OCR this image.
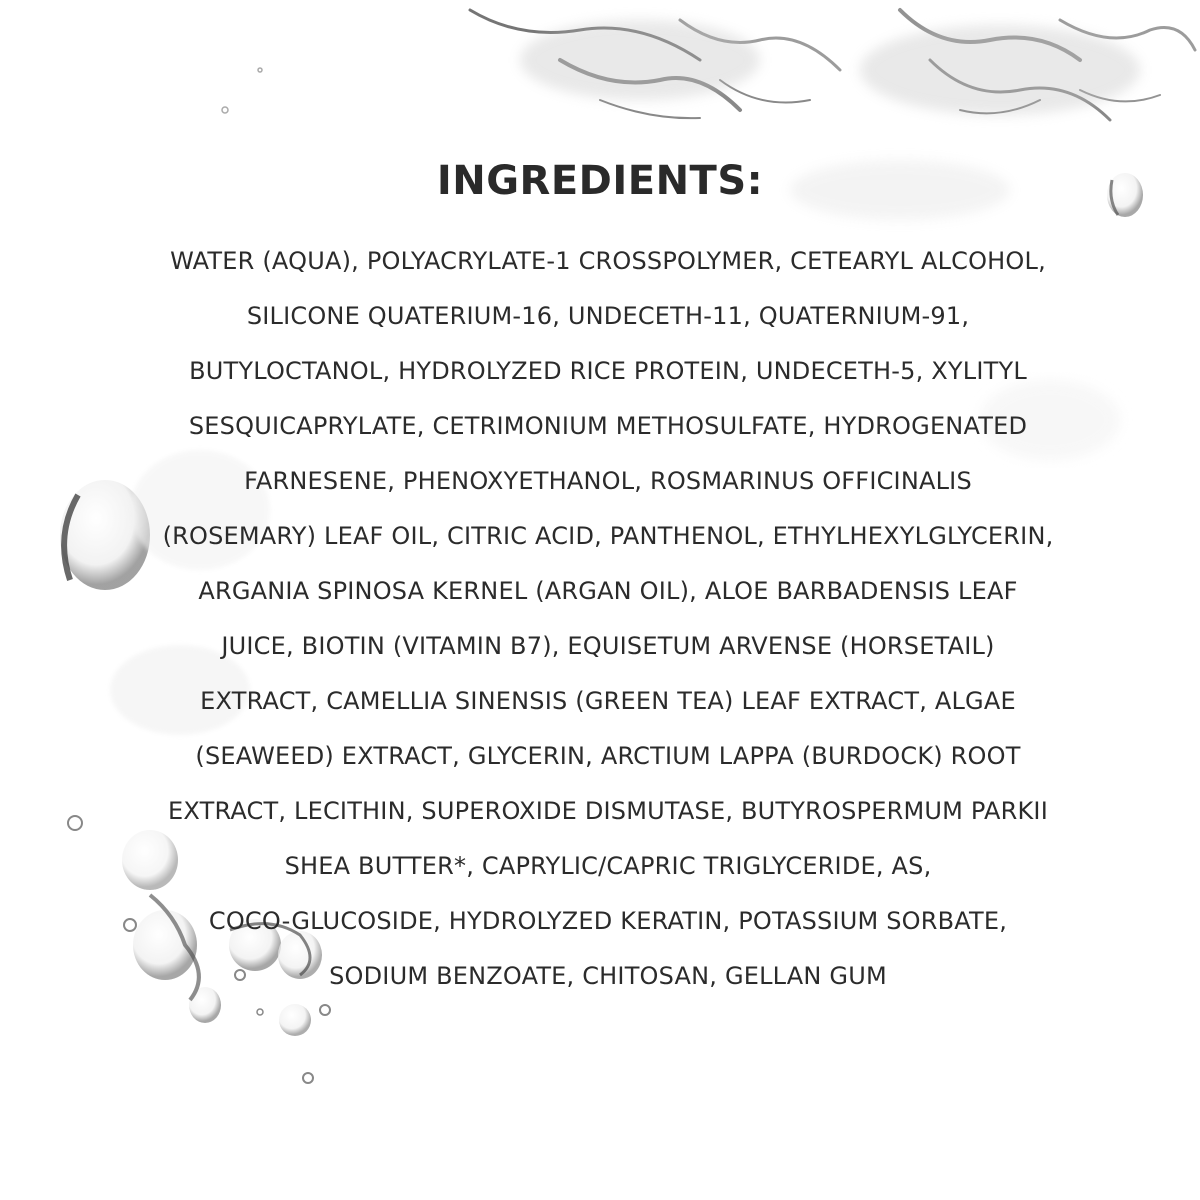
INGREDIENTS:
WATER (AQUA), POLYACRYLATE-1 CROSSPOLYMER, CETEARYL ALCOHOL,
SILICONE QUATERIUM-16, UNDECETH-11, QUATERNIUM-91,
BUTYLOCTANOL, HYDROLYZED RICE PROTEIN, UNDECETH-5, XYLITYL
SESQUICAPRYLATE, CETRIMONIUM METHOSULFATE, HYDROGENATED
FARNESENE, PHENOXYETHANOL, ROSMARINUS OFFICINALIS
(ROSEMARY) LEAF OIL, CITRIC ACID, PANTHENOL, ETHYLHEXYLGLYCERIN,
ARGANIA SPINOSA KERNEL (ARGAN OIL), ALOE BARBADENSIS LEAF
JUICE, BIOTIN (VITAMIN B7), EQUISETUM ARVENSE (HORSETAIL)
EXTRACT, CAMELLIA SINENSIS (GREEN TEA) LEAF EXTRACT, ALGAE
(SEAWEED) EXTRACT, GLYCERIN, ARCTIUM LAPPA (BURDOCK) ROOT
EXTRACT, LECITHIN, SUPEROXIDE DISMUTASE, BUTYROSPERMUM PARKII
SHEA BUTTER*, CAPRYLIC/CAPRIC TRIGLYCERIDE, AS,
COCO-GLUCOSIDE, HYDROLYZED KERATIN, POTASSIUM SORBATE,
SODIUM BENZOATE, CHITOSAN, GELLAN GUM
